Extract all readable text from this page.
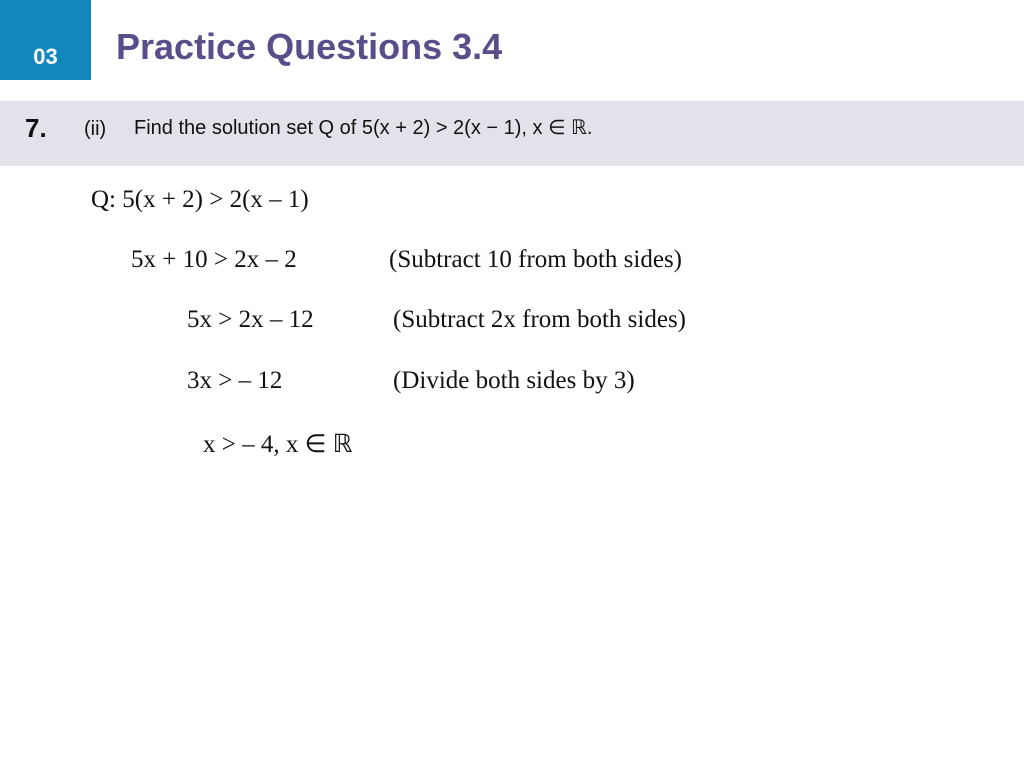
03 Practice Questions 3.4
7. (ii) Find the solution set Q of 5(x + 2) > 2(x − 1), x ∈ ℝ.
Q: 5(x + 2) > 2(x – 1)
5x + 10 > 2x – 2	(Subtract 10 from both sides)
5x > 2x – 12	(Subtract 2x from both sides)
3x > – 12	(Divide both sides by 3)
x > – 4, x ∈ ℝ
